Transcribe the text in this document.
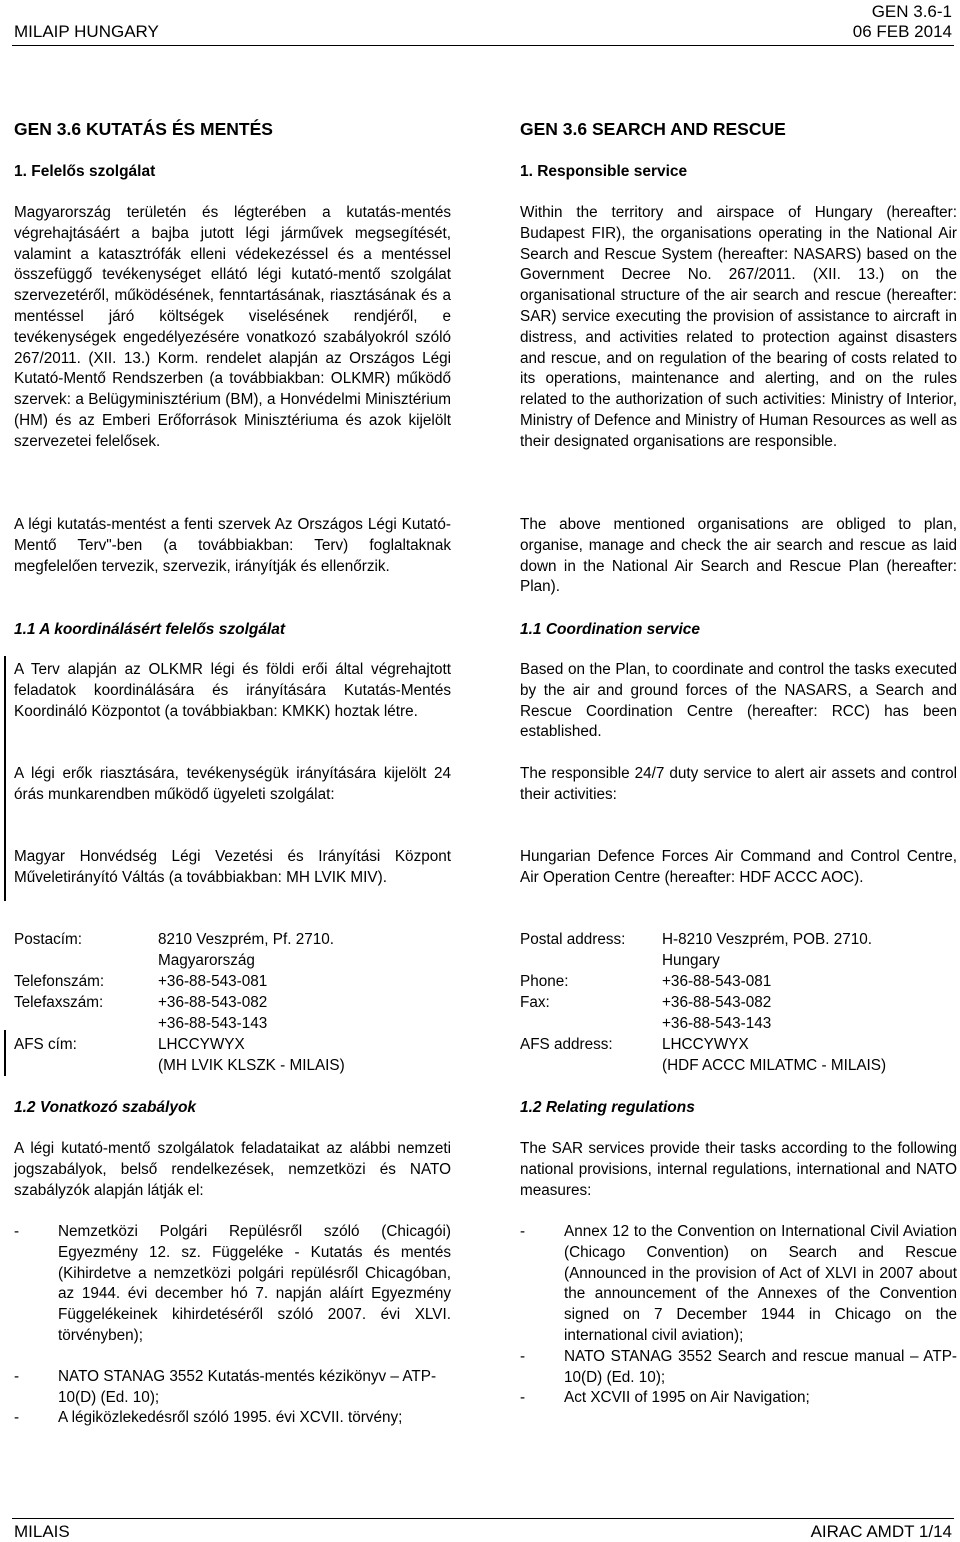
MILAIP HUNGARY
GEN 3.6-1
06 FEB 2014
GEN 3.6 KUTATÁS ÉS MENTÉS
1. Felelős szolgálat

Magyarország területén és légterében a kutatás-mentés végrehajtásáért a bajba jutott légi járművek megsegítését, valamint a katasztrófák elleni védekezéssel és a mentéssel összefüggő tevékenységet ellátó légi kutató-mentő szolgálat szervezetéről, működésének, fenntartásának, riasztásának és a mentéssel járó költségek viselésének rendjéről, e tevékenységek engedélyezésére vonatkozó szabályokról szóló 267/2011. (XII. 13.) Korm. rendelet alapján az Országos Légi Kutató-Mentő Rendszerben (a továbbiakban: OLKMR) működő szervek: a Belügyminisztérium (BM), a Honvédelmi Minisztérium (HM) és az Emberi Erőforrások Minisztériuma és azok kijelölt szervezetei felelősek.

A légi kutatás-mentést a fenti szervek Az Országos Légi Kutató-Mentő Terv"-ben (a továbbiakban: Terv) foglaltaknak megfelelően tervezik, szervezik, irányítják és ellenőrzik.

1.1 A koordinálásért felelős szolgálat

A Terv alapján az OLKMR légi és földi erői által végrehajtott feladatok koordinálására és irányítására Kutatás-Mentés Koordináló Központot (a továbbiakban: KMKK) hoztak létre.

A légi erők riasztására, tevékenységük irányítására kijelölt 24 órás munkarendben működő ügyeleti szolgálat:

Magyar Honvédség Légi Vezetési és Irányítási Központ Műveletirányító Váltás (a továbbiakban: MH LVIK MIV).

Postacím:	8210 Veszprém, Pf. 2710.
Magyarország
Telefonszám:	+36-88-543-081
Telefaxszám:	+36-88-543-082
+36-88-543-143
AFS cím:	LHCCYWYX
(MH LVIK KLSZK - MILAIS)
1.2 Vonatkozó szabályok

A légi kutató-mentő szolgálatok feladataikat az alábbi nemzeti jogszabályok, belső rendelkezések, nemzetközi és NATO szabályzók alapján látják el:

-	Nemzetközi Polgári Repülésről szóló (Chicagói) Egyezmény 12. sz. Függeléke - Kutatás és mentés (Kihirdetve a nemzetközi polgári repülésről Chicagóban, az 1944. évi december hó 7. napján aláírt Egyezmény Függelékeinek kihirdetéséről szóló 2007. évi XLVI. törvényben);
-	NATO STANAG 3552 Kutatás-mentés kézikönyv – ATP-10(D) (Ed. 10);
-	A légiközlekedésről szóló 1995. évi XCVII. törvény;
GEN 3.6 SEARCH AND RESCUE
1. Responsible service

Within the territory and airspace of Hungary (hereafter: Budapest FIR), the organisations operating in the National Air Search and Rescue System (hereafter: NASARS) based on the Government Decree No. 267/2011. (XII. 13.) on the organisational structure of the air search and rescue (hereafter: SAR) service executing the provision of assistance to aircraft in distress, and activities related to protection against disasters and rescue, and on regulation of the bearing of costs related to its operations, maintenance and alerting, and on the rules related to the authorization of such activities: Ministry of Interior, Ministry of Defence and Ministry of Human Resources as well as their designated organisations are responsible.

The above mentioned organisations are obliged to plan, organise, manage and check the air search and rescue as laid down in the National Air Search and Rescue Plan (hereafter: Plan).

1.1 Coordination service

Based on the Plan, to coordinate and control the tasks executed by the air and ground forces of the NASARS, a Search and Rescue Coordination Centre (hereafter: RCC) has been established.

The responsible 24/7 duty service to alert air assets and control their activities:

Hungarian Defence Forces Air Command and Control Centre, Air Operation Centre (hereafter: HDF ACCC AOC).

Postal address: H-8210 Veszprém, POB. 2710.
Hungary
Phone:	+36-88-543-081
Fax:	+36-88-543-082
+36-88-543-143
AFS address:	LHCCYWYX
(HDF ACCC MILATMC - MILAIS)
1.2 Relating regulations

The SAR services provide their tasks according to the following national provisions, internal regulations, international and NATO measures:

-	Annex 12 to the Convention on International Civil Aviation (Chicago Convention) on Search and Rescue (Announced in the provision of Act of XLVI in 2007 about the announcement of the Annexes of the Convention signed on 7 December 1944 in Chicago on the international civil aviation);
-	NATO STANAG 3552 Search and rescue manual – ATP-10(D) (Ed. 10);
-	Act XCVII of 1995 on Air Navigation;
MILAIS	AIRAC AMDT 1/14
